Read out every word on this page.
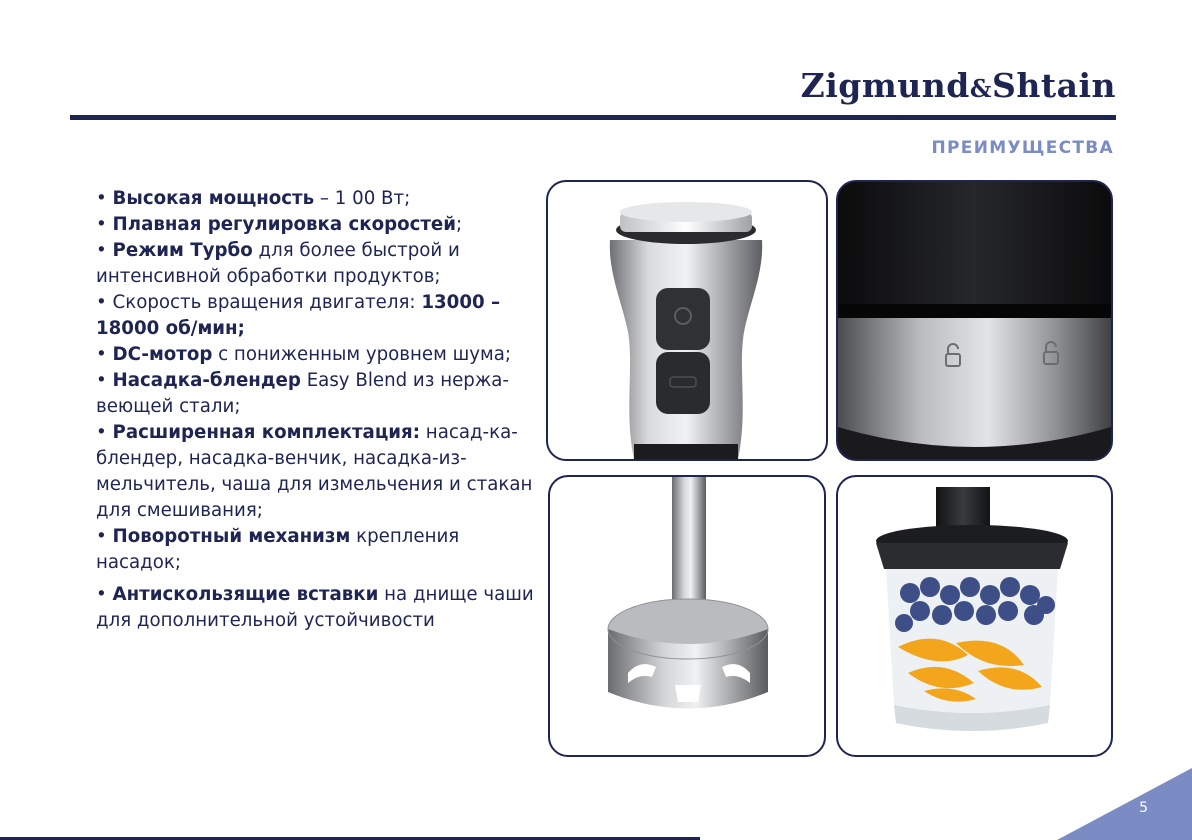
Zigmund&Shtain
ПРЕИМУЩЕСТВА
• Высокая мощность – 1 00 Вт;
• Плавная регулировка скоростей;
• Режим Турбо для более быстрой и интенсивной обработки продуктов;
• Скорость вращения двигателя: 13000 – 18000 об/мин;
• DC-мотор с пониженным уровнем шума;
• Насадка-блендер Easy Blend из нержа-веющей стали;
• Расширенная комплектация: насад-ка-блендер, насадка-венчик, насадка-из-мельчитель, чаша для измельчения и стакан для смешивания;
• Поворотный механизм крепления насадок;
• Антискользящие вставки на днище чаши для дополнительной устойчивости
5
